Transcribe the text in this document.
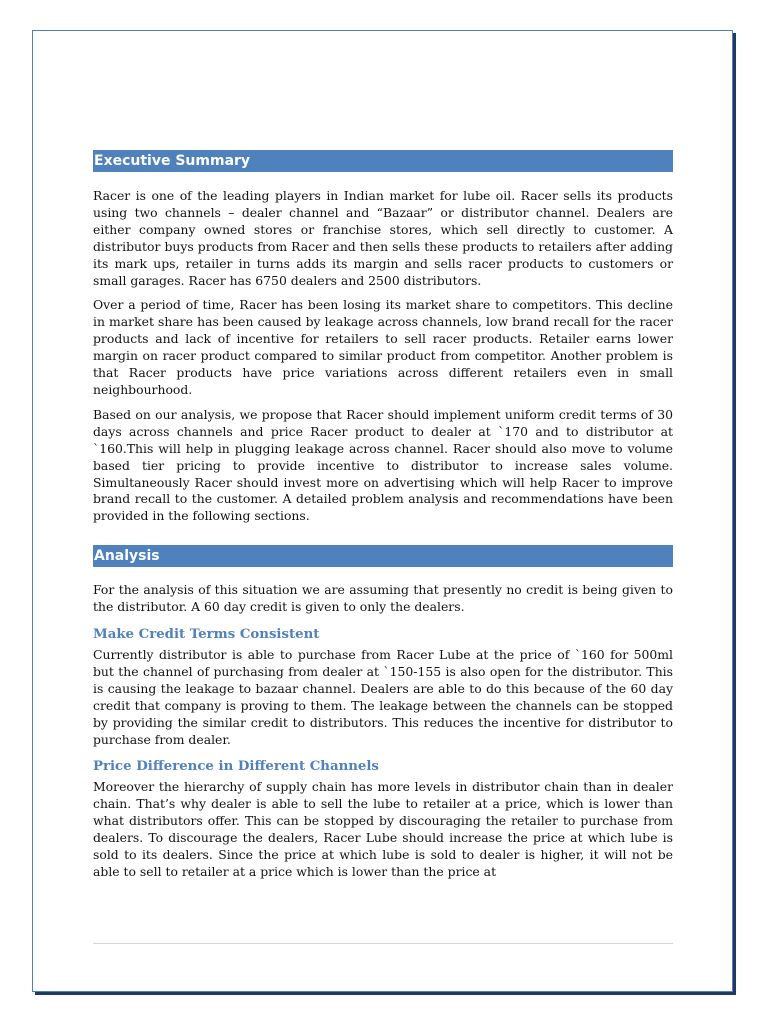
Executive Summary

Racer is one of the leading players in Indian market for lube oil. Racer sells its products using two channels – dealer channel and “Bazaar” or distributor channel. Dealers are either company owned stores or franchise stores, which sell directly to customer. A distributor buys products from Racer and then sells these products to retailers after adding its mark ups, retailer in turns adds its margin and sells racer products to customers or small garages. Racer has 6750 dealers and 2500 distributors.

Over a period of time, Racer has been losing its market share to competitors. This decline in market share has been caused by leakage across channels, low brand recall for the racer products and lack of incentive for retailers to sell racer products. Retailer earns lower margin on racer product compared to similar product from competitor. Another problem is that Racer products have price variations across different retailers even in small neighbourhood.

Based on our analysis, we propose that Racer should implement uniform credit terms of 30 days across channels and price Racer product to dealer at `170 and to distributor at `160.This will help in plugging leakage across channel. Racer should also move to volume based tier pricing to provide incentive to distributor to increase sales volume. Simultaneously Racer should invest more on advertising which will help Racer to improve brand recall to the customer. A detailed problem analysis and recommendations have been provided in the following sections.

Analysis

For the analysis of this situation we are assuming that presently no credit is being given to the distributor. A 60 day credit is given to only the dealers.

Make Credit Terms Consistent

Currently distributor is able to purchase from Racer Lube at the price of `160 for 500ml but the channel of purchasing from dealer at `150-155 is also open for the distributor. This is causing the leakage to bazaar channel. Dealers are able to do this because of the 60 day credit that company is proving to them. The leakage between the channels can be stopped by providing the similar credit to distributors. This reduces the incentive for distributor to purchase from dealer.

Price Difference in Different Channels

Moreover the hierarchy of supply chain has more levels in distributor chain than in dealer chain. That’s why dealer is able to sell the lube to retailer at a price, which is lower than what distributors offer. This can be stopped by discouraging the retailer to purchase from dealers. To discourage the dealers, Racer Lube should increase the price at which lube is sold to its dealers. Since the price at which lube is sold to dealer is higher, it will not be able to sell to retailer at a price which is lower than the price at
